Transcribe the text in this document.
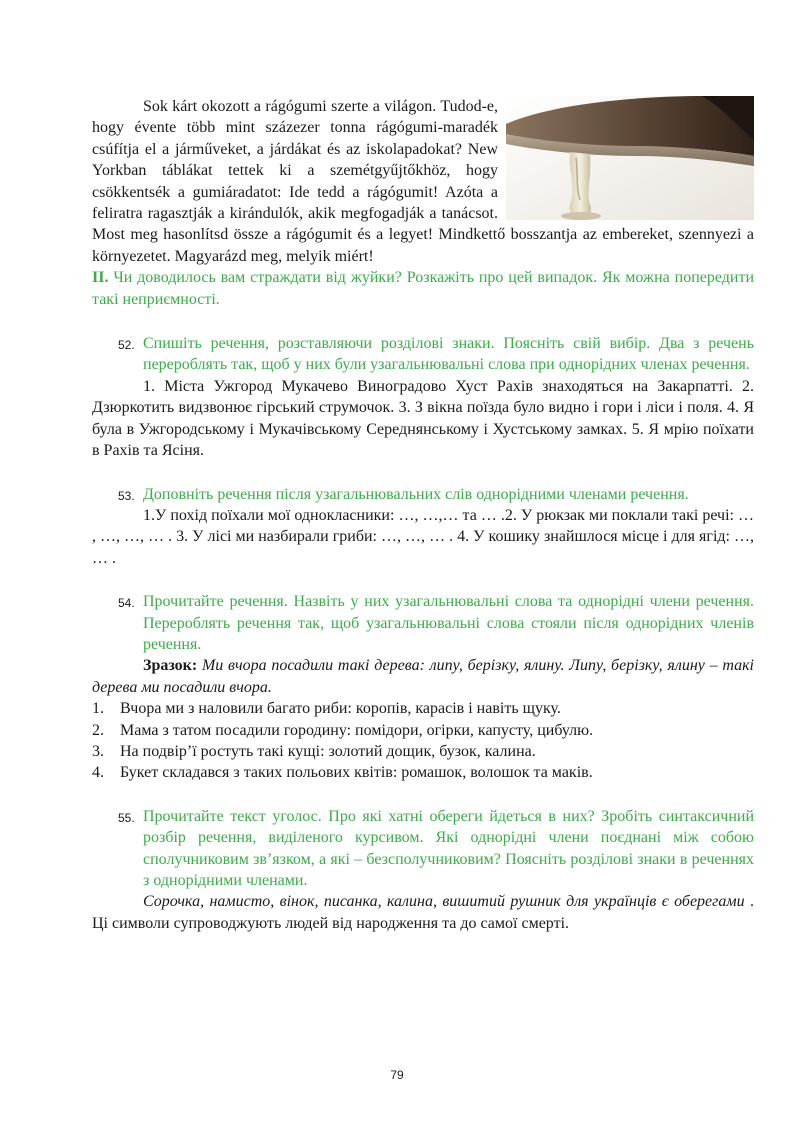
Sok kárt okozott a rágógumi szerte a világon. Tudod-e, hogy évente több mint százezer tonna rágógumi-maradék csúfítja el a járműveket, a járdákat és az iskolapadokat? New Yorkban táblákat tettek ki a szemétgyűjtőkhöz, hogy csökkentsék a gumiáradatot: Ide tedd a rágógumit! Azóta a feliratra ragasztják a kirándulók, akik megfogadják a tanácsot. Most meg hasonlítsd össze a rágógumit és a legyet! Mindkettő bosszantja az embereket, szennyezi a környezetet. Magyarázd meg, melyik miért!

II. Чи доводилось вам страждати від жуйки? Розкажіть про цей випадок. Як можна попередити такі неприємності.

52. Спишіть речення, розставляючи розділові знаки. Поясніть свій вибір. Два з речень перероблять так, щоб у них були узагальнювальні слова при однорідних членах речення.

1. Міста Ужгород Мукачево Виноградово Хуст Рахів знаходяться на Закарпатті. 2. Дзюркотить видзвонює гірський струмочок. 3. З вікна поїзда було видно і гори і ліси і поля. 4. Я була в Ужгородському і Мукачівському Середнянському і Хустському замках. 5. Я мрію поїхати в Рахів та Ясіня.

53. Доповніть речення після узагальнювальних слів однорідними членами речення.

1.У похід поїхали мої однокласники: …, …,… та … .2. У рюкзак ми поклали такі речі: … , …, …, … . 3. У лісі ми назбирали гриби: …, …, … . 4. У кошику знайшлося місце і для ягід: …, … .

54. Прочитайте речення. Назвіть у них узагальнювальні слова та однорідні члени речення. Перероблять речення так, щоб узагальнювальні слова стояли після однорідних членів речення.

Зразок: Ми вчора посадили такі дерева: липу, берізку, ялину. Липу, берізку, ялину – такі дерева ми посадили вчора.

1. Вчора ми з наловили багато риби: коропів, карасів і навіть щуку.
2. Мама з татом посадили городину: помідори, огірки, капусту, цибулю.
3. На подвір’ї ростуть такі кущі: золотий дощик, бузок, калина.
4. Букет складався з таких польових квітів: ромашок, волошок та маків.
55. Прочитайте текст уголос. Про які хатні обереги йдеться в них? Зробіть синтаксичний розбір речення, виділеного курсивом. Які однорідні члени поєднані між собою сполучниковим зв’язком, а які – безсполучниковим? Поясніть розділові знаки в реченнях з однорідними членами.

Сорочка, намисто, вінок, писанка, калина, вишитий рушник для українців є оберегами . Ці символи супроводжують людей від народження та до самої смерті.

79
